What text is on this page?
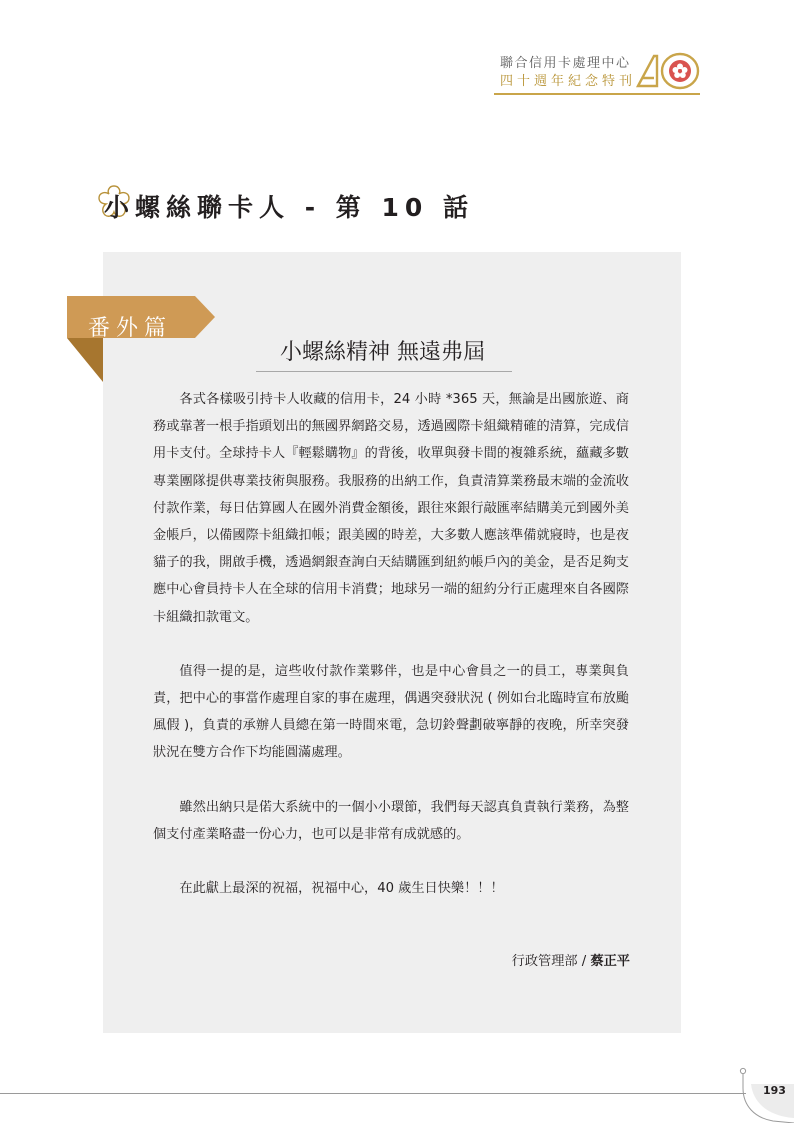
聯合信用卡處理中心
四十週年紀念特刊
小螺絲聯卡人 - 第 10 話
番外篇
小螺絲精神 無遠弗屆

各式各樣吸引持卡人收藏的信用卡，24 小時 *365 天，無論是出國旅遊、商務或靠著一根手指頭划出的無國界網路交易，透過國際卡組織精確的清算，完成信用卡支付。全球持卡人『輕鬆購物』的背後，收單與發卡間的複雜系統，蘊藏多數專業團隊提供專業技術與服務。我服務的出納工作，負責清算業務最末端的金流收付款作業，每日估算國人在國外消費金額後，跟往來銀行敲匯率結購美元到國外美金帳戶，以備國際卡組織扣帳；跟美國的時差，大多數人應該準備就寢時，也是夜貓子的我，開啟手機，透過網銀查詢白天結購匯到紐約帳戶內的美金，是否足夠支應中心會員持卡人在全球的信用卡消費；地球另一端的紐約分行正處理來自各國際卡組織扣款電文。

值得一提的是，這些收付款作業夥伴，也是中心會員之一的員工，專業與負責，把中心的事當作處理自家的事在處理，偶遇突發狀況 ( 例如台北臨時宣布放颱風假 )，負責的承辦人員總在第一時間來電，急切鈴聲劃破寧靜的夜晚，所幸突發狀況在雙方合作下均能圓滿處理。

雖然出納只是偌大系統中的一個小小環節，我們每天認真負責執行業務，為整個支付產業略盡一份心力，也可以是非常有成就感的。

在此獻上最深的祝福，祝福中心，40 歲生日快樂！！！

行政管理部 / 蔡正平
193
